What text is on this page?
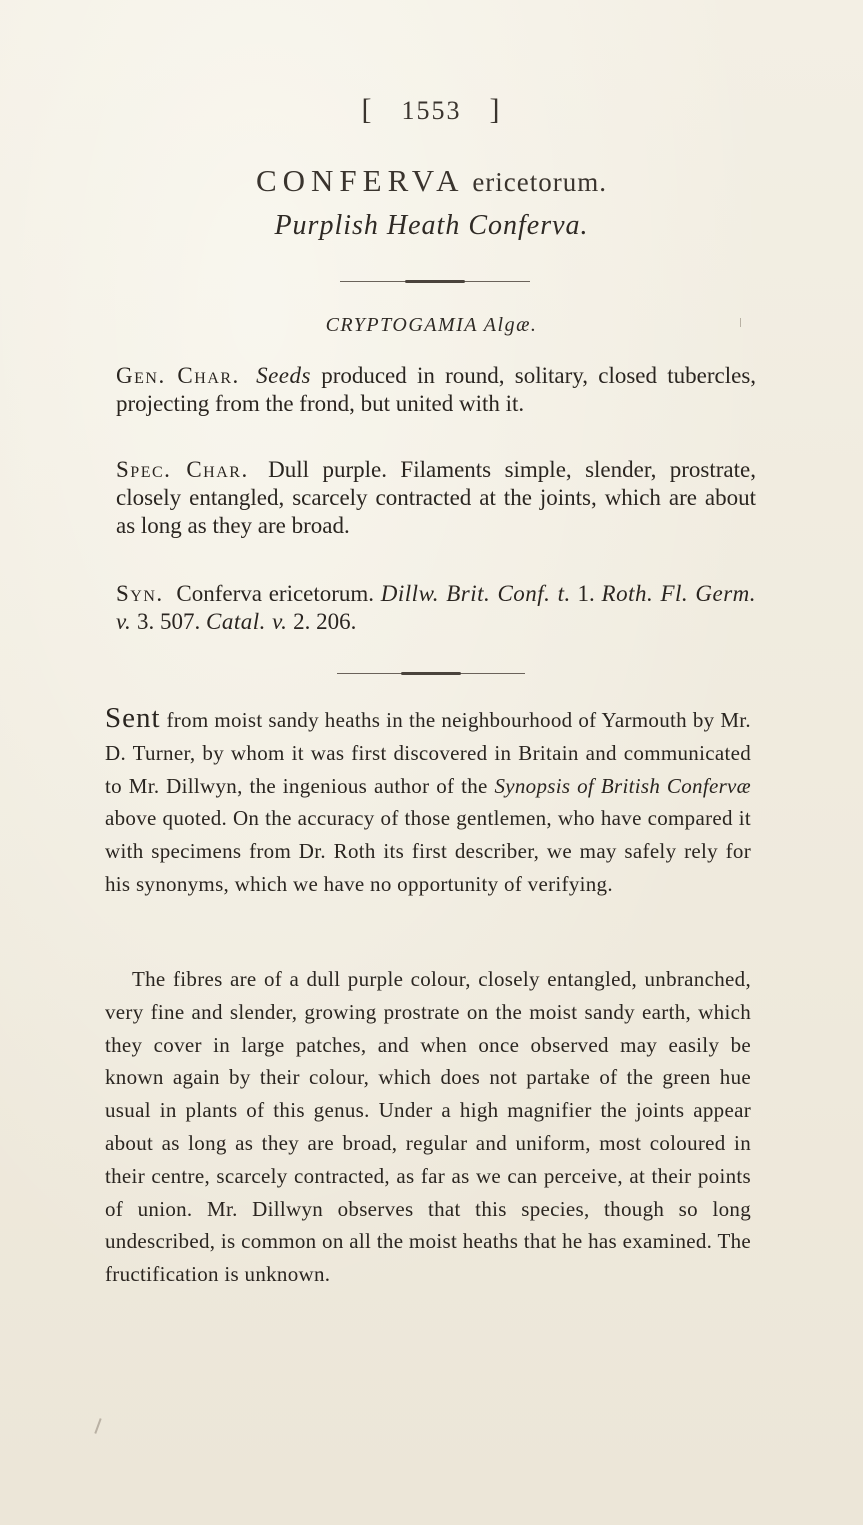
[ 1553 ]
CONFERVA ericetorum.
Purplish Heath Conferva.
CRYPTOGAMIA Algæ.
Gen. Char. Seeds produced in round, solitary, closed tubercles, projecting from the frond, but united with it.
Spec. Char. Dull purple. Filaments simple, slender, prostrate, closely entangled, scarcely contracted at the joints, which are about as long as they are broad.
Syn. Conferva ericetorum. Dillw. Brit. Conf. t. 1. Roth. Fl. Germ. v. 3. 507. Catal. v. 2. 206.
Sent from moist sandy heaths in the neighbourhood of Yarmouth by Mr. D. Turner, by whom it was first discovered in Britain and communicated to Mr. Dillwyn, the ingenious author of the Synopsis of British Confervæ above quoted. On the accuracy of those gentlemen, who have compared it with specimens from Dr. Roth its first describer, we may safely rely for his synonyms, which we have no opportunity of verifying.
The fibres are of a dull purple colour, closely entangled, unbranched, very fine and slender, growing prostrate on the moist sandy earth, which they cover in large patches, and when once observed may easily be known again by their colour, which does not partake of the green hue usual in plants of this genus. Under a high magnifier the joints appear about as long as they are broad, regular and uniform, most coloured in their centre, scarcely contracted, as far as we can perceive, at their points of union. Mr. Dillwyn observes that this species, though so long undescribed, is common on all the moist heaths that he has examined. The fructification is unknown.
